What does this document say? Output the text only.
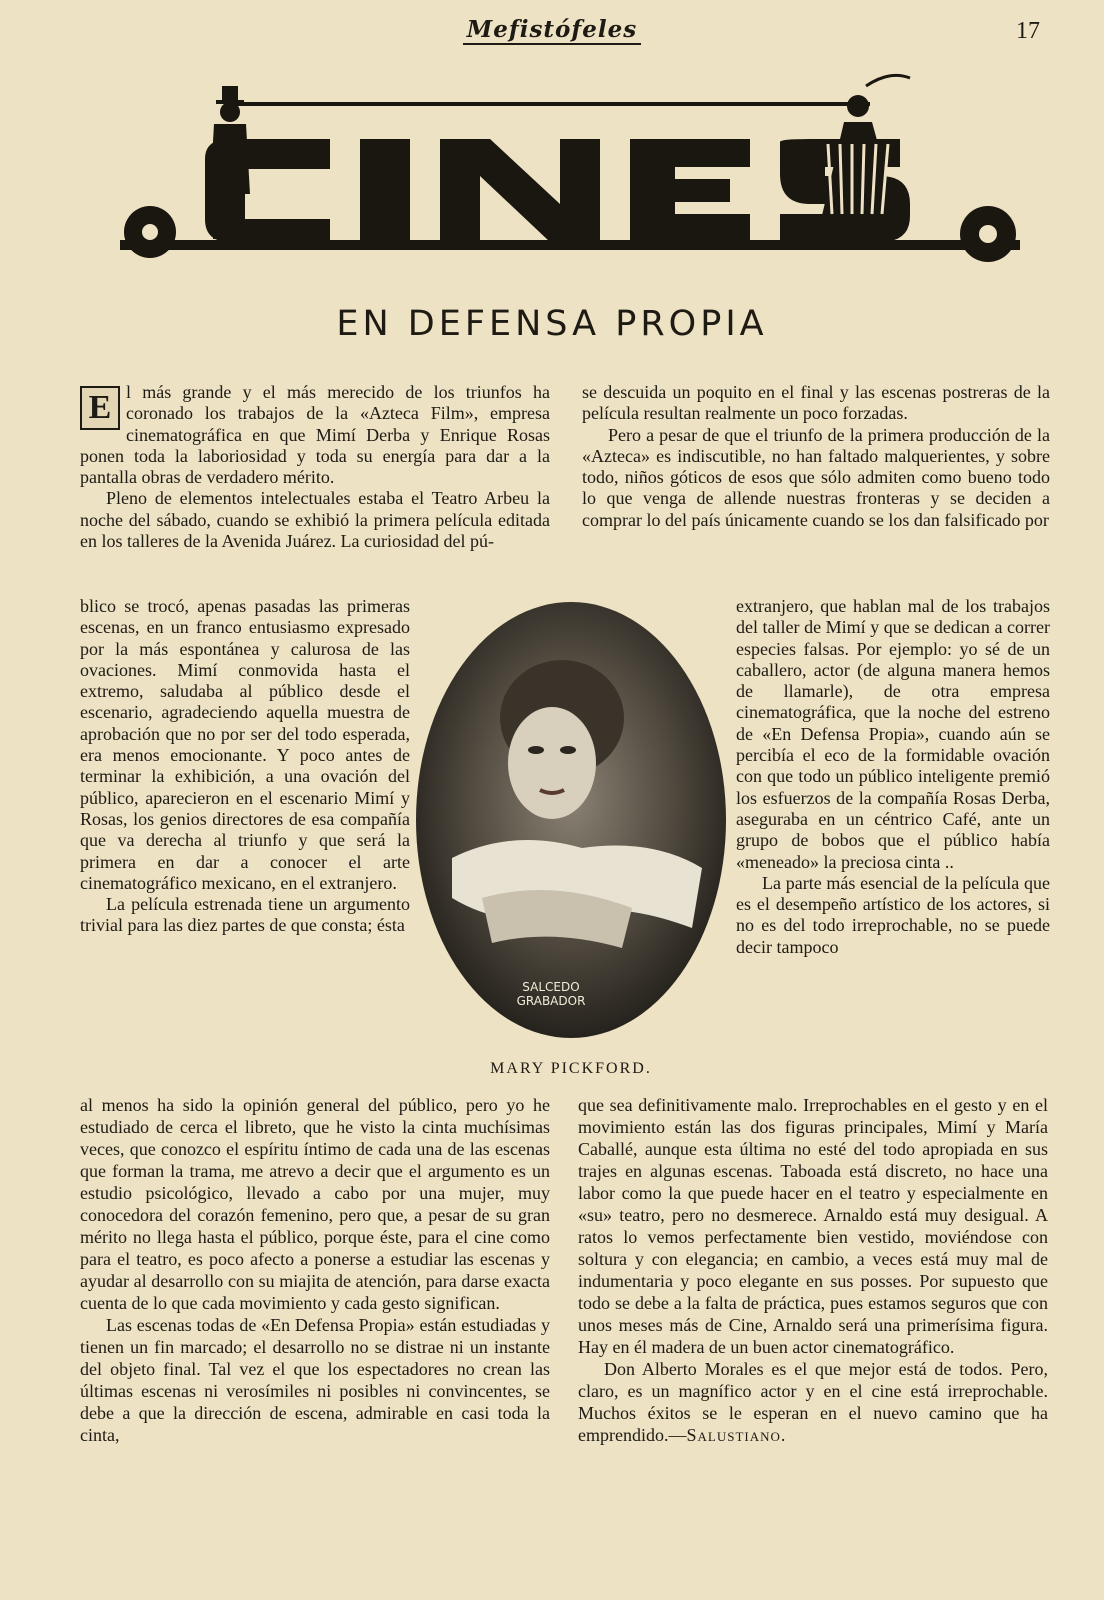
Mefistófeles	17
EN DEFENSA PROPIA

E l más grande y el más merecido de los triunfos ha coronado los trabajos de la «Azteca Film», empresa cinematográfica en que Mimí Derba y Enrique Rosas ponen toda la laboriosidad y toda su energía para dar a la pantalla obras de verdadero mérito.

Pleno de elementos intelectuales estaba el Teatro Arbeu la noche del sábado, cuando se exhibió la primera película editada en los talleres de la Avenida Juárez. La curiosidad del pú-

blico se trocó, apenas pasadas las primeras escenas, en un franco entusiasmo expresado por la más espontánea y calurosa de las ovaciones. Mimí conmovida hasta el extremo, saludaba al público desde el escenario, agradeciendo aquella muestra de aprobación que no por ser del todo esperada, era menos emocionante. Y poco antes de terminar la exhibición, a una ovación del público, aparecieron en el escenario Mimí y Rosas, los genios directores de esa compañía que va derecha al triunfo y que será la primera en dar a conocer el arte cinematográfico mexicano, en el extranjero.

La película estrenada tiene un argumento trivial para las diez partes de que consta; ésta

SALCEDO
GRABADOR
MARY PICKFORD.

se descuida un poquito en el final y las escenas postreras de la película resultan realmente un poco forzadas.

Pero a pesar de que el triunfo de la primera producción de la «Azteca» es indiscutible, no han faltado malquerientes, y sobre todo, niños góticos de esos que sólo admiten como bueno todo lo que venga de allende nuestras fronteras y se deciden a comprar lo del país únicamente cuando se los dan falsificado por

extranjero, que hablan mal de los trabajos del taller de Mimí y que se dedican a correr especies falsas. Por ejemplo: yo sé de un caballero, actor (de alguna manera hemos de llamarle), de otra empresa cinematográfica, que la noche del estreno de «En Defensa Propia», cuando aún se percibía el eco de la formidable ovación con que todo un público inteligente premió los esfuerzos de la compañía Rosas Derba, aseguraba en un céntrico Café, ante un grupo de bobos que el público había «meneado» la preciosa cinta ..

La parte más esencial de la película que es el desempeño artístico de los actores, si no es del todo irreprochable, no se puede decir tampoco

al menos ha sido la opinión general del público, pero yo he estudiado de cerca el libreto, que he visto la cinta muchísimas veces, que conozco el espíritu íntimo de cada una de las escenas que forman la trama, me atrevo a decir que el argumento es un estudio psicológico, llevado a cabo por una mujer, muy conocedora del corazón femenino, pero que, a pesar de su gran mérito no llega hasta el público, porque éste, para el cine como para el teatro, es poco afecto a ponerse a estudiar las escenas y ayudar al desarrollo con su miajita de atención, para darse exacta cuenta de lo que cada movimiento y cada gesto significan.

Las escenas todas de «En Defensa Propia» están estudiadas y tienen un fin marcado; el desarrollo no se distrae ni un instante del objeto final. Tal vez el que los espectadores no crean las últimas escenas ni verosímiles ni posibles ni convincentes, se debe a que la dirección de escena, admirable en casi toda la cinta,

que sea definitivamente malo. Irreprochables en el gesto y en el movimiento están las dos figuras principales, Mimí y María Caballé, aunque esta última no esté del todo apropiada en sus trajes en algunas escenas. Taboada está discreto, no hace una labor como la que puede hacer en el teatro y especialmente en «su» teatro, pero no desmerece. Arnaldo está muy desigual. A ratos lo vemos perfectamente bien vestido, moviéndose con soltura y con elegancia; en cambio, a veces está muy mal de indumentaria y poco elegante en sus posses. Por supuesto que todo se debe a la falta de práctica, pues estamos seguros que con unos meses más de Cine, Arnaldo será una primerísima figura. Hay en él madera de un buen actor cinematográfico.

Don Alberto Morales es el que mejor está de todos. Pero, claro, es un magnífico actor y en el cine está irreprochable. Muchos éxitos se le esperan en el nuevo camino que ha emprendido.—Salustiano.
